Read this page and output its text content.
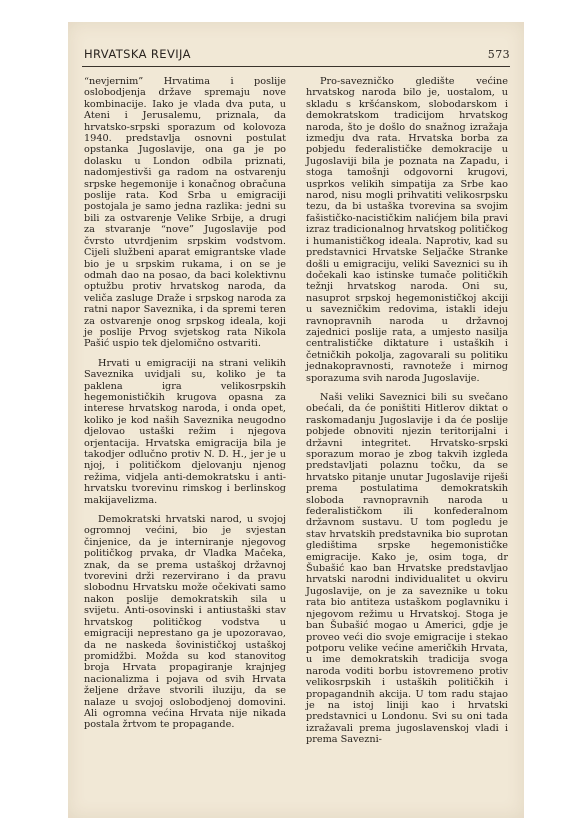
HRVATSKA REVIJA	573

“nevjernim” Hrvatima i poslije oslobodjenja države spremaju nove kombinacije. Iako je vlada dva puta, u Ateni i Jerusalemu, priznala, da hrvatsko-srpski sporazum od kolovoza 1940. predstavlja osnovni postulat opstanka Jugoslavije, ona ga je po dolasku u London odbila priznati, nadomjestivši ga radom na ostvarenju srpske hegemonije i konačnog obračuna poslije rata. Kod Srba u emigraciji postojala je samo jedna razlika: jedni su bili za ostvarenje Velike Srbije, a drugi za stvaranje “nove” Jugoslavije pod čvrsto utvrdjenim srpskim vodstvom. Cijeli službeni aparat emigrantske vlade bio je u srpskim rukama, i on se je odmah dao na posao, da baci kolektivnu optužbu protiv hrvatskog naroda, da veliča zasluge Draže i srpskog naroda za ratni napor Saveznika, i da spremi teren za ostvarenje onog srpskog ideala, koji je poslije Prvog svjetskog rata Nikola Pašić uspio tek djelomično ostvariti.

Hrvati u emigraciji na strani velikih Saveznika uvidjali su, koliko je ta paklena igra velikosrpskih hegemonističkih krugova opasna za interese hrvatskog naroda, i onda opet, koliko je kod naših Saveznika neugodno djelovao ustaški režim i njegova orjentacija. Hrvatska emigracija bila je takodjer odlučno protiv N. D. H., jer je u njoj, i političkom djelovanju njenog režima, vidjela anti-demokratsku i anti-hrvatsku tvorevinu rimskog i berlinskog makijavelizma.

Demokratski hrvatski narod, u svojoj ogromnoj većini, bio je svjestan činjenice, da je interniranje njegovog političkog prvaka, dr Vladka Mačeka, znak, da se prema ustaškoj državnoj tvorevini drži rezervirano i da pravu slobodnu Hrvatsku može očekivati samo nakon poslije demokratskih sila u svijetu. Anti-osovinski i antiustaški stav hrvatskog političkog vodstva u emigraciji neprestano ga je upozoravao, da ne naskeda šovinističkoj ustaškoj promidžbi. Možda su kod stanovitog broja Hrvata propagiranje krajnjeg nacionalizma i pojava od svih Hrvata željene države stvorili iluziju, da se nalaze u svojoj oslobodjenoj domovini. Ali ogromna većina Hrvata nije nikada postala žrtvom te propagande.

Pro-savezničko gledište većine hrvatskog naroda bilo je, uostalom, u skladu s kršćanskom, slobodarskom i demokratskom tradicijom hrvatskog naroda, što je došlo do snažnog izražaja izmedju dva rata. Hrvatska borba za pobjedu federalističke demokracije u Jugoslaviji bila je poznata na Zapadu, i stoga tamošnji odgovorni krugovi, usprkos velikih simpatija za Srbe kao narod, nisu mogli prihvatiti velikosrpsku tezu, da bi ustaška tvorevina sa svojim fašističko-nacističkim nalićjem bila pravi izraz tradicionalnog hrvatskog političkog i humanističkog ideala. Naprotiv, kad su predstavnici Hrvatske Seljačke Stranke došli u emigraciju, veliki Saveznici su ih dočekali kao istinske tumače političkih težnji hrvatskog naroda. Oni su, nasuprot srpskoj hegemonističkoj akciji u savezničkim redovima, istakli ideju ravnopravnih naroda u državnoj zajednici poslije rata, a umjesto nasilja centralističke diktature i ustaških i četničkih pokolja, zagovarali su politiku jednakopravnosti, ravnoteže i mirnog sporazuma svih naroda Jugoslavije.

Naši veliki Saveznici bili su svečano obećali, da će poništiti Hitlerov diktat o raskomadanju Jugoslavije i da će poslije pobjede obnoviti njezin teritorijalni i državni integritet. Hrvatsko-srpski sporazum morao je zbog takvih izgleda predstavljati polaznu točku, da se hrvatsko pitanje unutar Jugoslavije riješi prema postulatima demokratskih sloboda ravnopravnih naroda u federalističkom ili konfederalnom državnom sustavu. U tom pogledu je stav hrvatskih predstavnika bio suprotan gledištima srpske hegemonističke emigracije. Kako je, osim toga, dr Šubašić kao ban Hrvatske predstavljao hrvatski narodni individualitet u okviru Jugoslavije, on je za saveznike u toku rata bio antiteza ustaškom poglavniku i njegovom režimu u Hrvatskoj. Stoga je ban Šubašić mogao u Americi, gdje je proveo veći dio svoje emigracije i stekao potporu velike većine američkih Hrvata, u ime demokratskih tradicija svoga naroda voditi borbu istovremeno protiv velikosrpskih i ustaških političkih i propagandnih akcija. U tom radu stajao je na istoj liniji kao i hrvatski predstavnici u Londonu. Svi su oni tada izražavali prema jugoslavenskoj vladi i prema Savezni-
